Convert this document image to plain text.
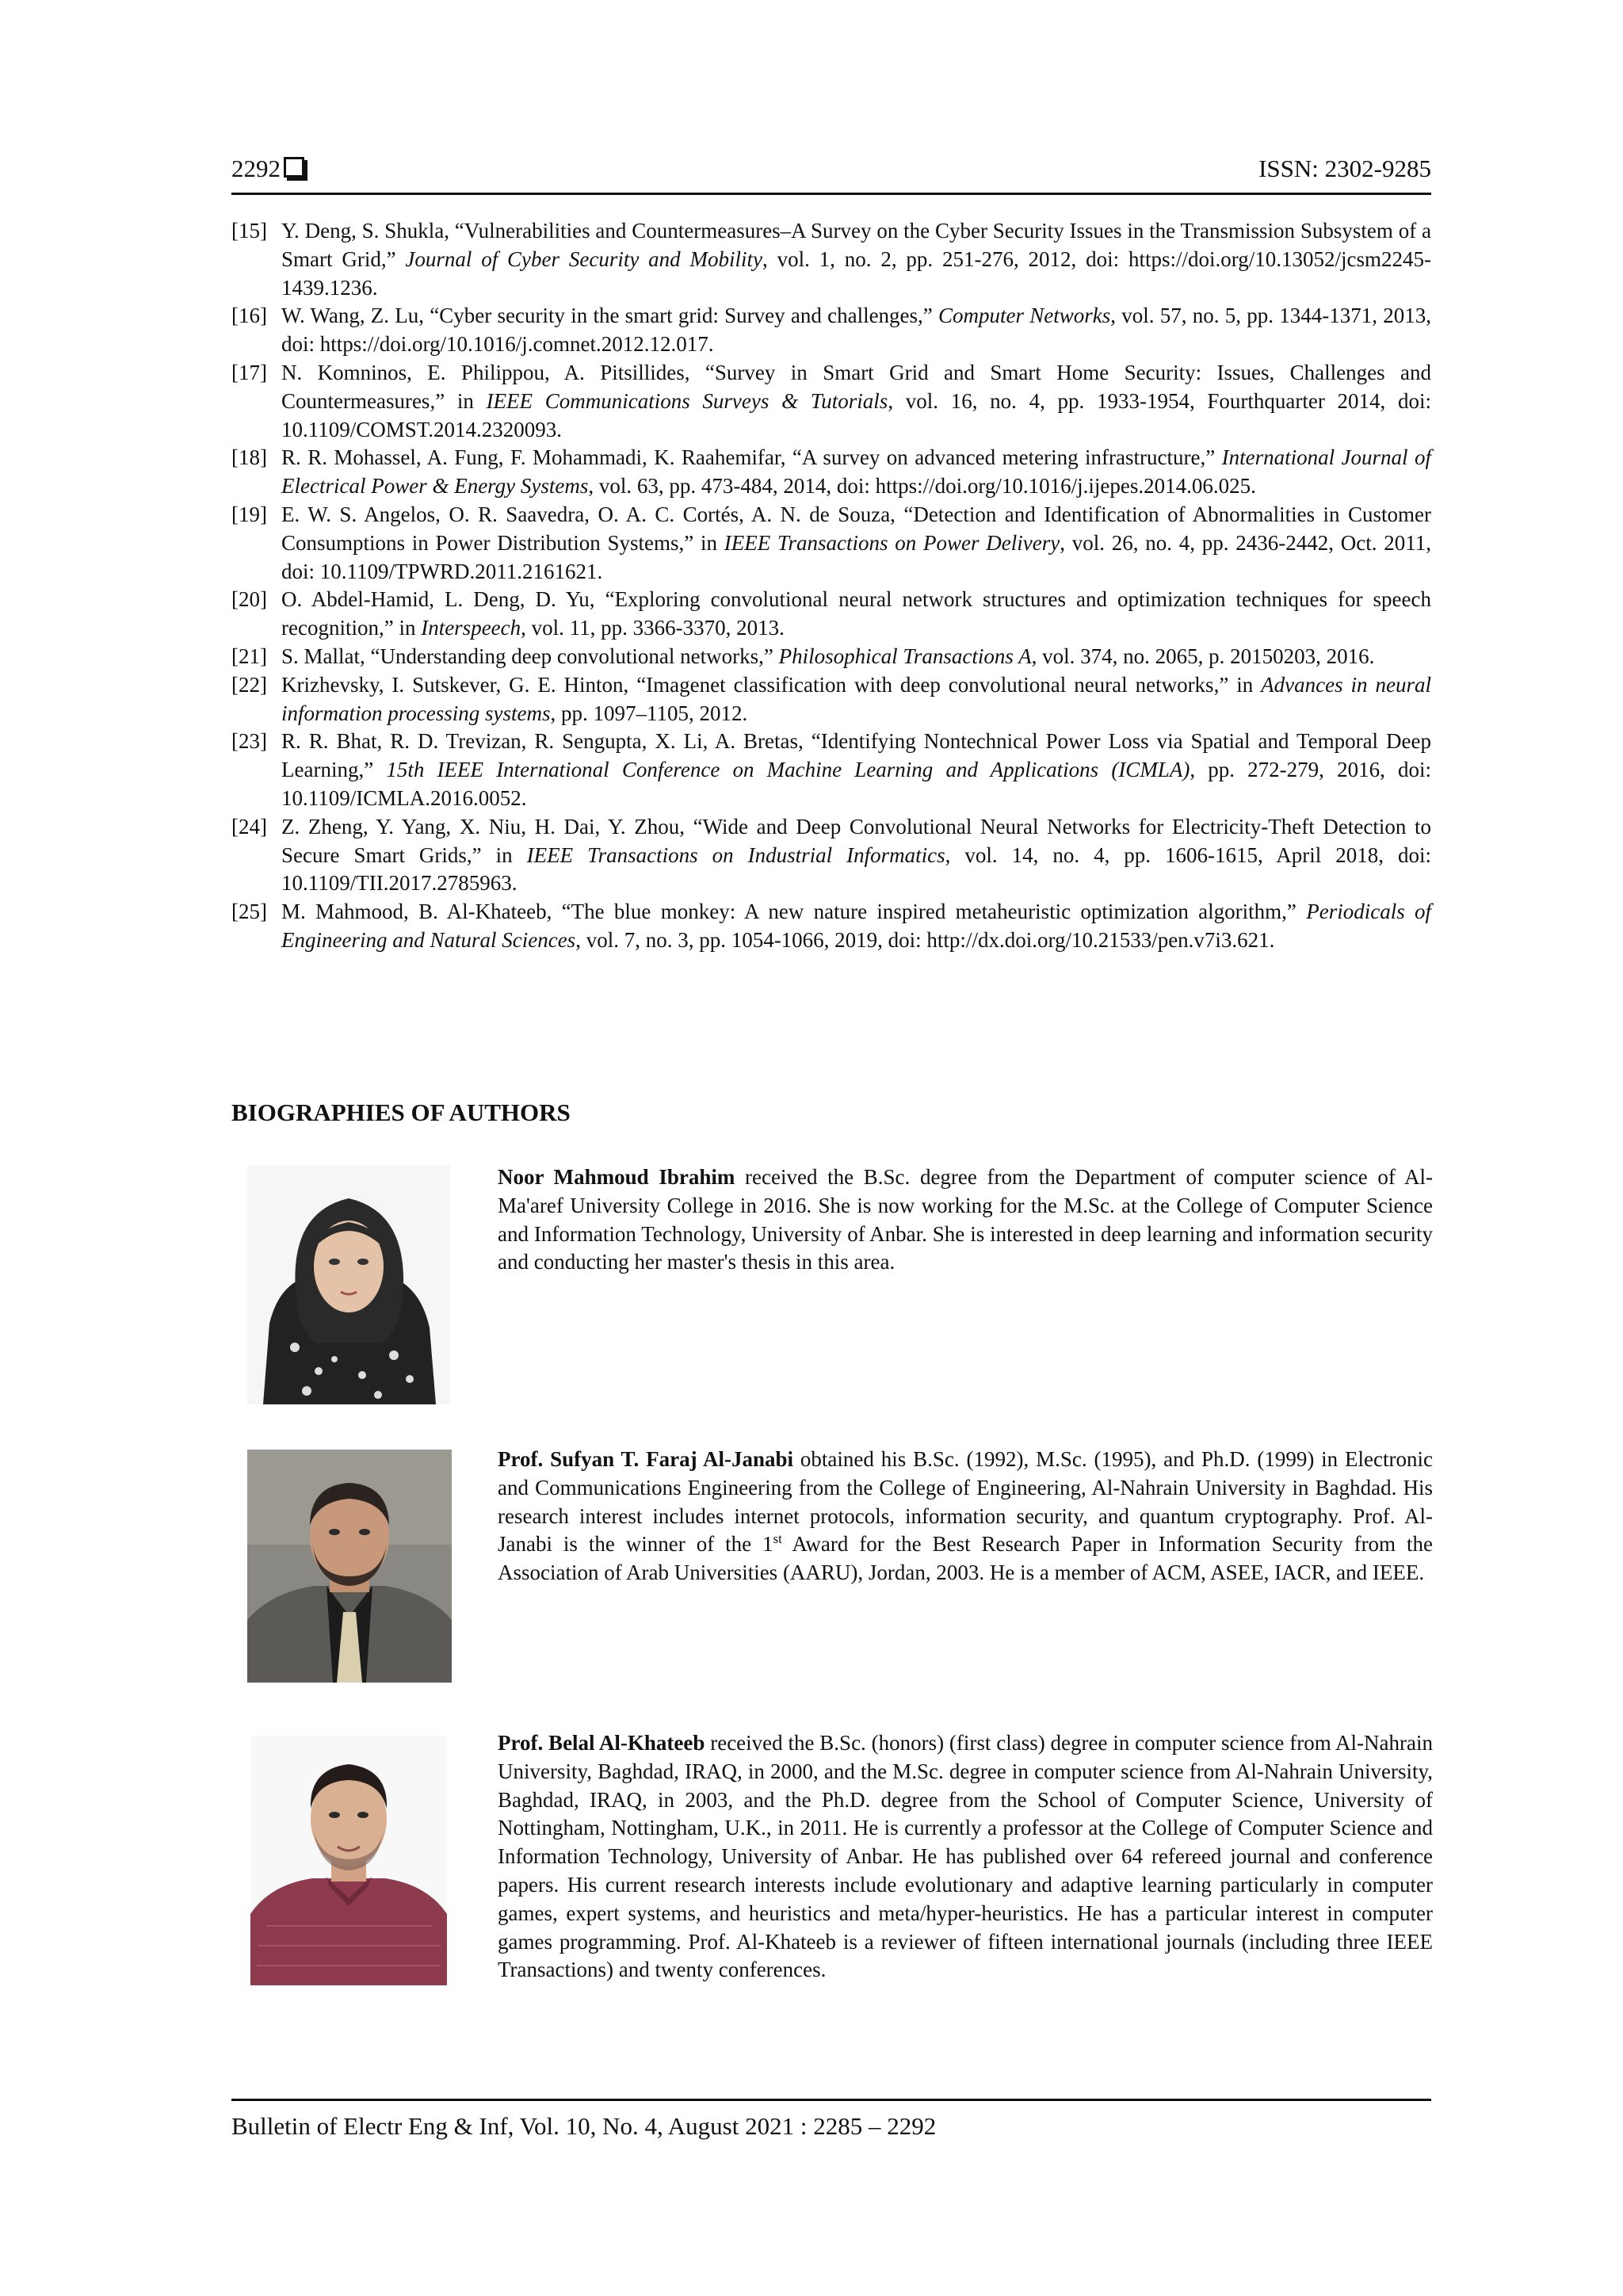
2292	ISSN: 2302-9285
[15] Y. Deng, S. Shukla, “Vulnerabilities and Countermeasures–A Survey on the Cyber Security Issues in the Transmission Subsystem of a Smart Grid,” Journal of Cyber Security and Mobility, vol. 1, no. 2, pp. 251-276, 2012, doi: https://doi.org/10.13052/jcsm2245-1439.1236.
[16] W. Wang, Z. Lu, “Cyber security in the smart grid: Survey and challenges,” Computer Networks, vol. 57, no. 5, pp. 1344-1371, 2013, doi: https://doi.org/10.1016/j.comnet.2012.12.017.
[17] N. Komninos, E. Philippou, A. Pitsillides, “Survey in Smart Grid and Smart Home Security: Issues, Challenges and Countermeasures,” in IEEE Communications Surveys & Tutorials, vol. 16, no. 4, pp. 1933-1954, Fourthquarter 2014, doi: 10.1109/COMST.2014.2320093.
[18] R. R. Mohassel, A. Fung, F. Mohammadi, K. Raahemifar, “A survey on advanced metering infrastructure,” International Journal of Electrical Power & Energy Systems, vol. 63, pp. 473-484, 2014, doi: https://doi.org/10.1016/j.ijepes.2014.06.025.
[19] E. W. S. Angelos, O. R. Saavedra, O. A. C. Cortés, A. N. de Souza, “Detection and Identification of Abnormalities in Customer Consumptions in Power Distribution Systems,” in IEEE Transactions on Power Delivery, vol. 26, no. 4, pp. 2436-2442, Oct. 2011, doi: 10.1109/TPWRD.2011.2161621.
[20] O. Abdel-Hamid, L. Deng, D. Yu, “Exploring convolutional neural network structures and optimization techniques for speech recognition,” in Interspeech, vol. 11, pp. 3366-3370, 2013.
[21] S. Mallat, “Understanding deep convolutional networks,” Philosophical Transactions A, vol. 374, no. 2065, p. 20150203, 2016.
[22] Krizhevsky, I. Sutskever, G. E. Hinton, “Imagenet classification with deep convolutional neural networks,” in Advances in neural information processing systems, pp. 1097–1105, 2012.
[23] R. R. Bhat, R. D. Trevizan, R. Sengupta, X. Li, A. Bretas, “Identifying Nontechnical Power Loss via Spatial and Temporal Deep Learning,” 15th IEEE International Conference on Machine Learning and Applications (ICMLA), pp. 272-279, 2016, doi: 10.1109/ICMLA.2016.0052.
[24] Z. Zheng, Y. Yang, X. Niu, H. Dai, Y. Zhou, “Wide and Deep Convolutional Neural Networks for Electricity-Theft Detection to Secure Smart Grids,” in IEEE Transactions on Industrial Informatics, vol. 14, no. 4, pp. 1606-1615, April 2018, doi: 10.1109/TII.2017.2785963.
[25] M. Mahmood, B. Al-Khateeb, “The blue monkey: A new nature inspired metaheuristic optimization algorithm,” Periodicals of Engineering and Natural Sciences, vol. 7, no. 3, pp. 1054-1066, 2019, doi: http://dx.doi.org/10.21533/pen.v7i3.621.
BIOGRAPHIES OF AUTHORS
Noor Mahmoud Ibrahim received the B.Sc. degree from the Department of computer science of Al-Ma'aref University College in 2016. She is now working for the M.Sc. at the College of Computer Science and Information Technology, University of Anbar. She is interested in deep learning and information security and conducting her master's thesis in this area.
Prof. Sufyan T. Faraj Al-Janabi obtained his B.Sc. (1992), M.Sc. (1995), and Ph.D. (1999) in Electronic and Communications Engineering from the College of Engineering, Al-Nahrain University in Baghdad. His research interest includes internet protocols, information security, and quantum cryptography. Prof. Al-Janabi is the winner of the 1st Award for the Best Research Paper in Information Security from the Association of Arab Universities (AARU), Jordan, 2003. He is a member of ACM, ASEE, IACR, and IEEE.
Prof. Belal Al-Khateeb received the B.Sc. (honors) (first class) degree in computer science from Al-Nahrain University, Baghdad, IRAQ, in 2000, and the M.Sc. degree in computer science from Al-Nahrain University, Baghdad, IRAQ, in 2003, and the Ph.D. degree from the School of Computer Science, University of Nottingham, Nottingham, U.K., in 2011. He is currently a professor at the College of Computer Science and Information Technology, University of Anbar. He has published over 64 refereed journal and conference papers. His current research interests include evolutionary and adaptive learning particularly in computer games, expert systems, and heuristics and meta/hyper-heuristics. He has a particular interest in computer games programming. Prof. Al-Khateeb is a reviewer of fifteen international journals (including three IEEE Transactions) and twenty conferences.
Bulletin of Electr Eng & Inf, Vol. 10, No. 4, August 2021 : 2285 – 2292
